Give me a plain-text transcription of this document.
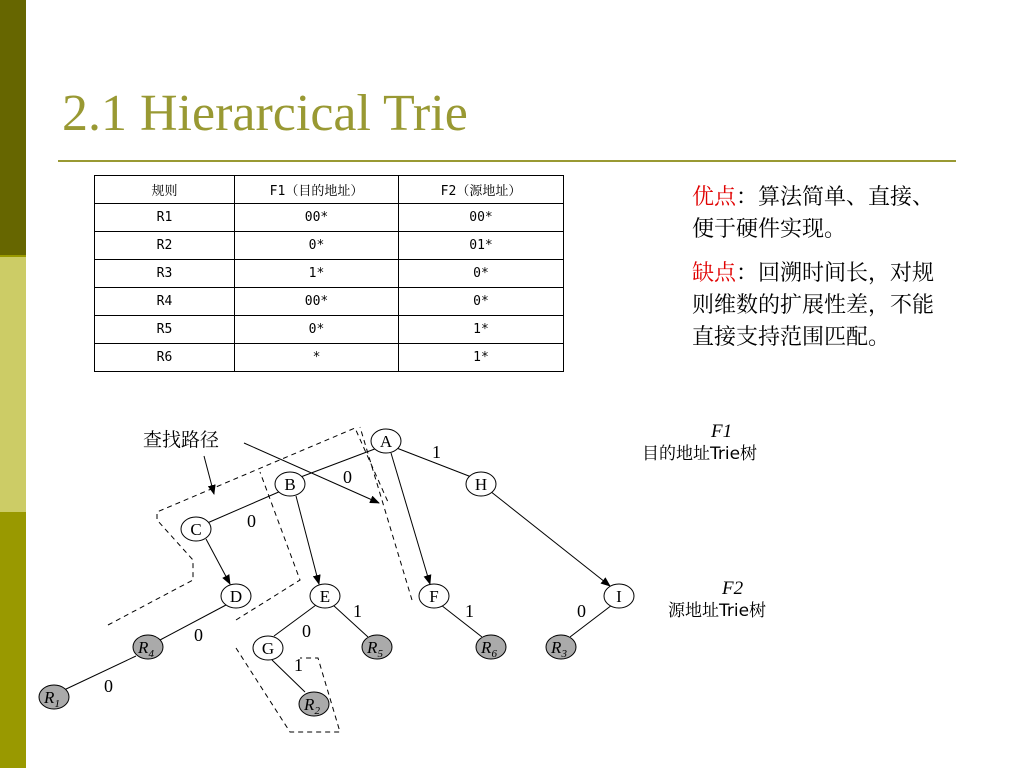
2.1 Hierarcical Trie
规则	F1（目的地址）	F2（源地址）
R1	00*	00*
R2	0*	01*
R3	1*	0*
R4	00*	0*
R5	0*	1*
R6	*	1*

优点：算法简单、直接、便于硬件实现。

缺点：回溯时间长，对规则维数的扩展性差，不能直接支持范围匹配。

1
0
0
0
0
0
1
1
1	0
A
B
C
D	E	F
G
H
I
$R_4$
$R_1$
$R_5$
$R_2$
$R_6$	$R_3$
查找路径	F1
目的地址Trie树
F2
源地址Trie树
